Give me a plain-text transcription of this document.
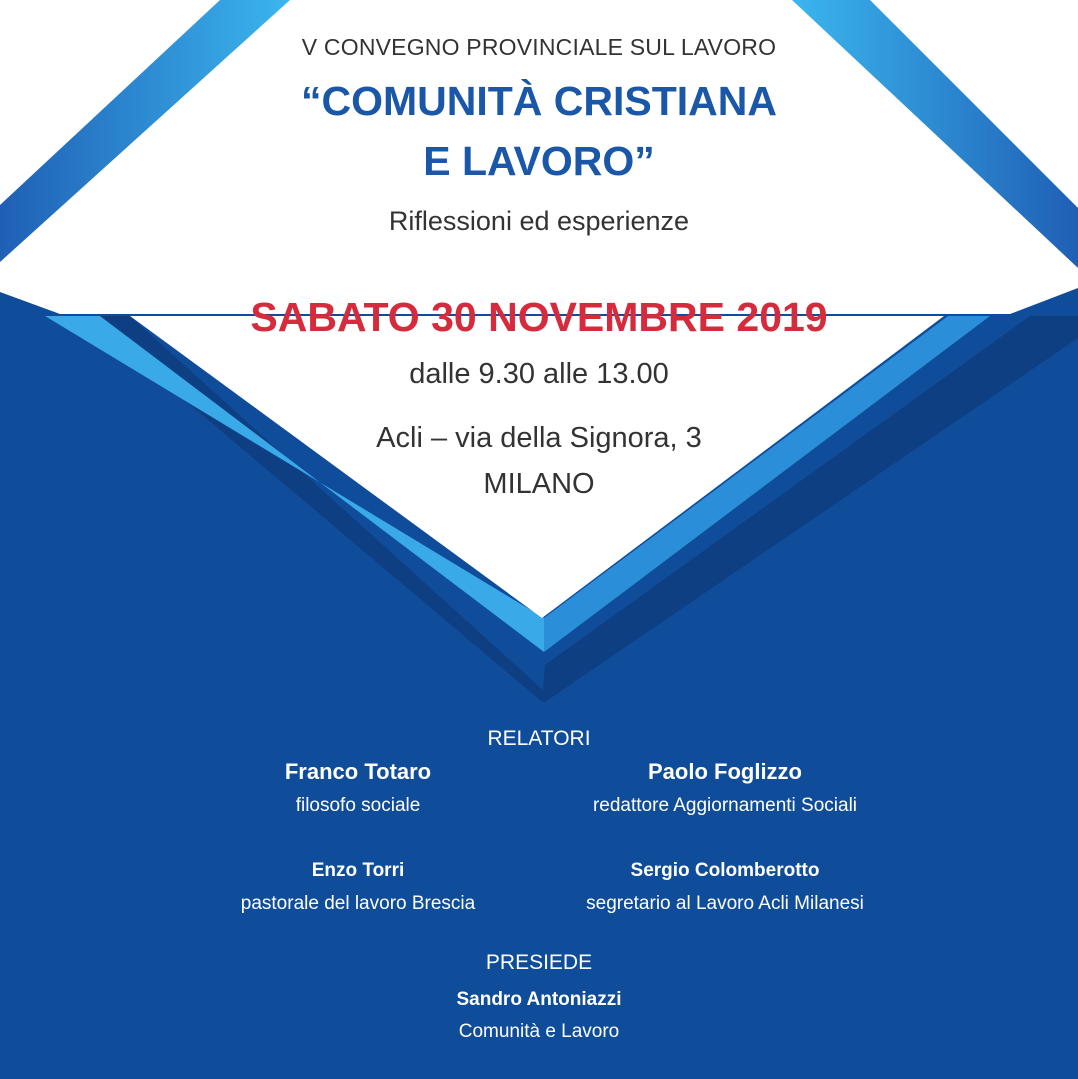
V CONVEGNO PROVINCIALE SUL LAVORO
“COMUNITÀ CRISTIANA
E LAVORO”
Riflessioni ed esperienze
SABATO 30 NOVEMBRE 2019
dalle 9.30 alle 13.00
Acli – via della Signora, 3
MILANO
RELATORI
Franco Totaro
filosofo sociale
Paolo Foglizzo
redattore Aggiornamenti Sociali
Enzo Torri
pastorale del lavoro Brescia
Sergio Colomberotto
segretario al Lavoro Acli Milanesi
PRESIEDE
Sandro Antoniazzi
Comunità e Lavoro
